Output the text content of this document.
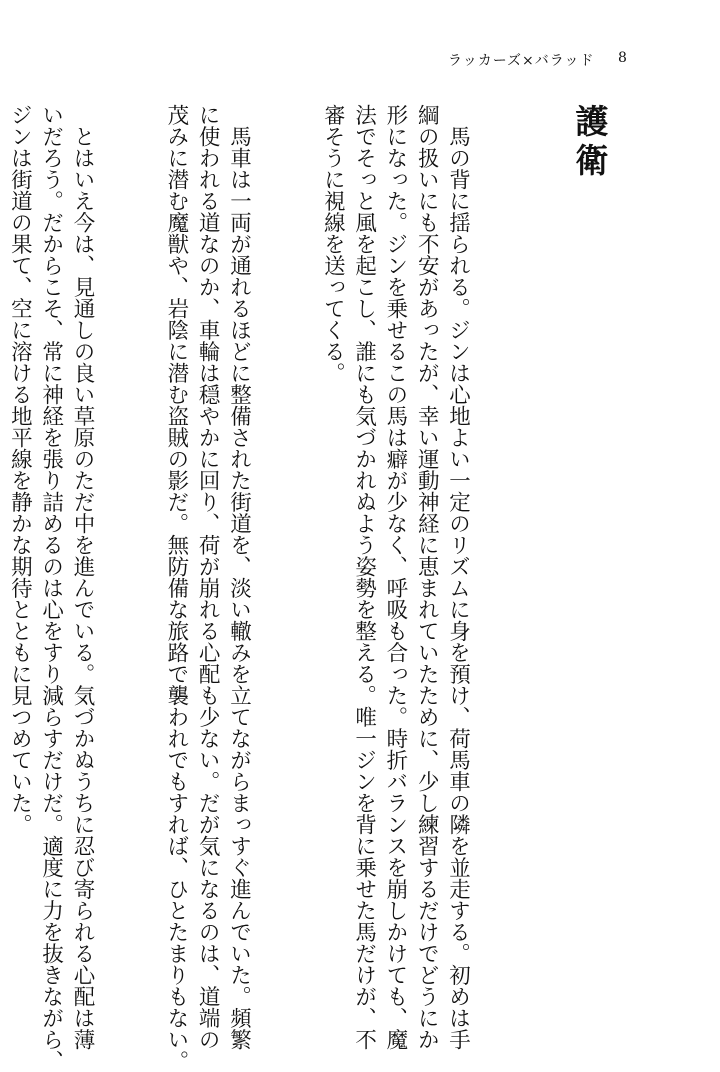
ラッカーズ×バラッド 8

護衛

　馬の背に揺られる。ジンは心地よい一定のリズムに身を預け、荷馬車の隣を並走する。初めは手
綱の扱いにも不安があったが、幸い運動神経に恵まれていたために、少し練習するだけでどうにか
形になった。ジンを乗せるこの馬は癖が少なく、呼吸も合った。時折バランスを崩しかけても、魔
法でそっと風を起こし、誰にも気づかれぬよう姿勢を整える。唯一ジンを背に乗せた馬だけが、不
審そうに視線を送ってくる。

　馬車は一両が通れるほどに整備された街道を、淡い轍みを立てながらまっすぐ進んでいた。頻繁
に使われる道なのか、車輪は穏やかに回り、荷が崩れる心配も少ない。だが気になるのは、道端の
茂みに潜む魔獣や、岩陰に潜む盗賊の影だ。無防備な旅路で襲われでもすれば、ひとたまりもない。

　とはいえ今は、見通しの良い草原のただ中を進んでいる。気づかぬうちに忍び寄られる心配は薄
いだろう。だからこそ、常に神経を張り詰めるのは心をすり減らすだけだ。適度に力を抜きながら、
ジンは街道の果て、空に溶ける地平線を静かな期待とともに見つめていた。
